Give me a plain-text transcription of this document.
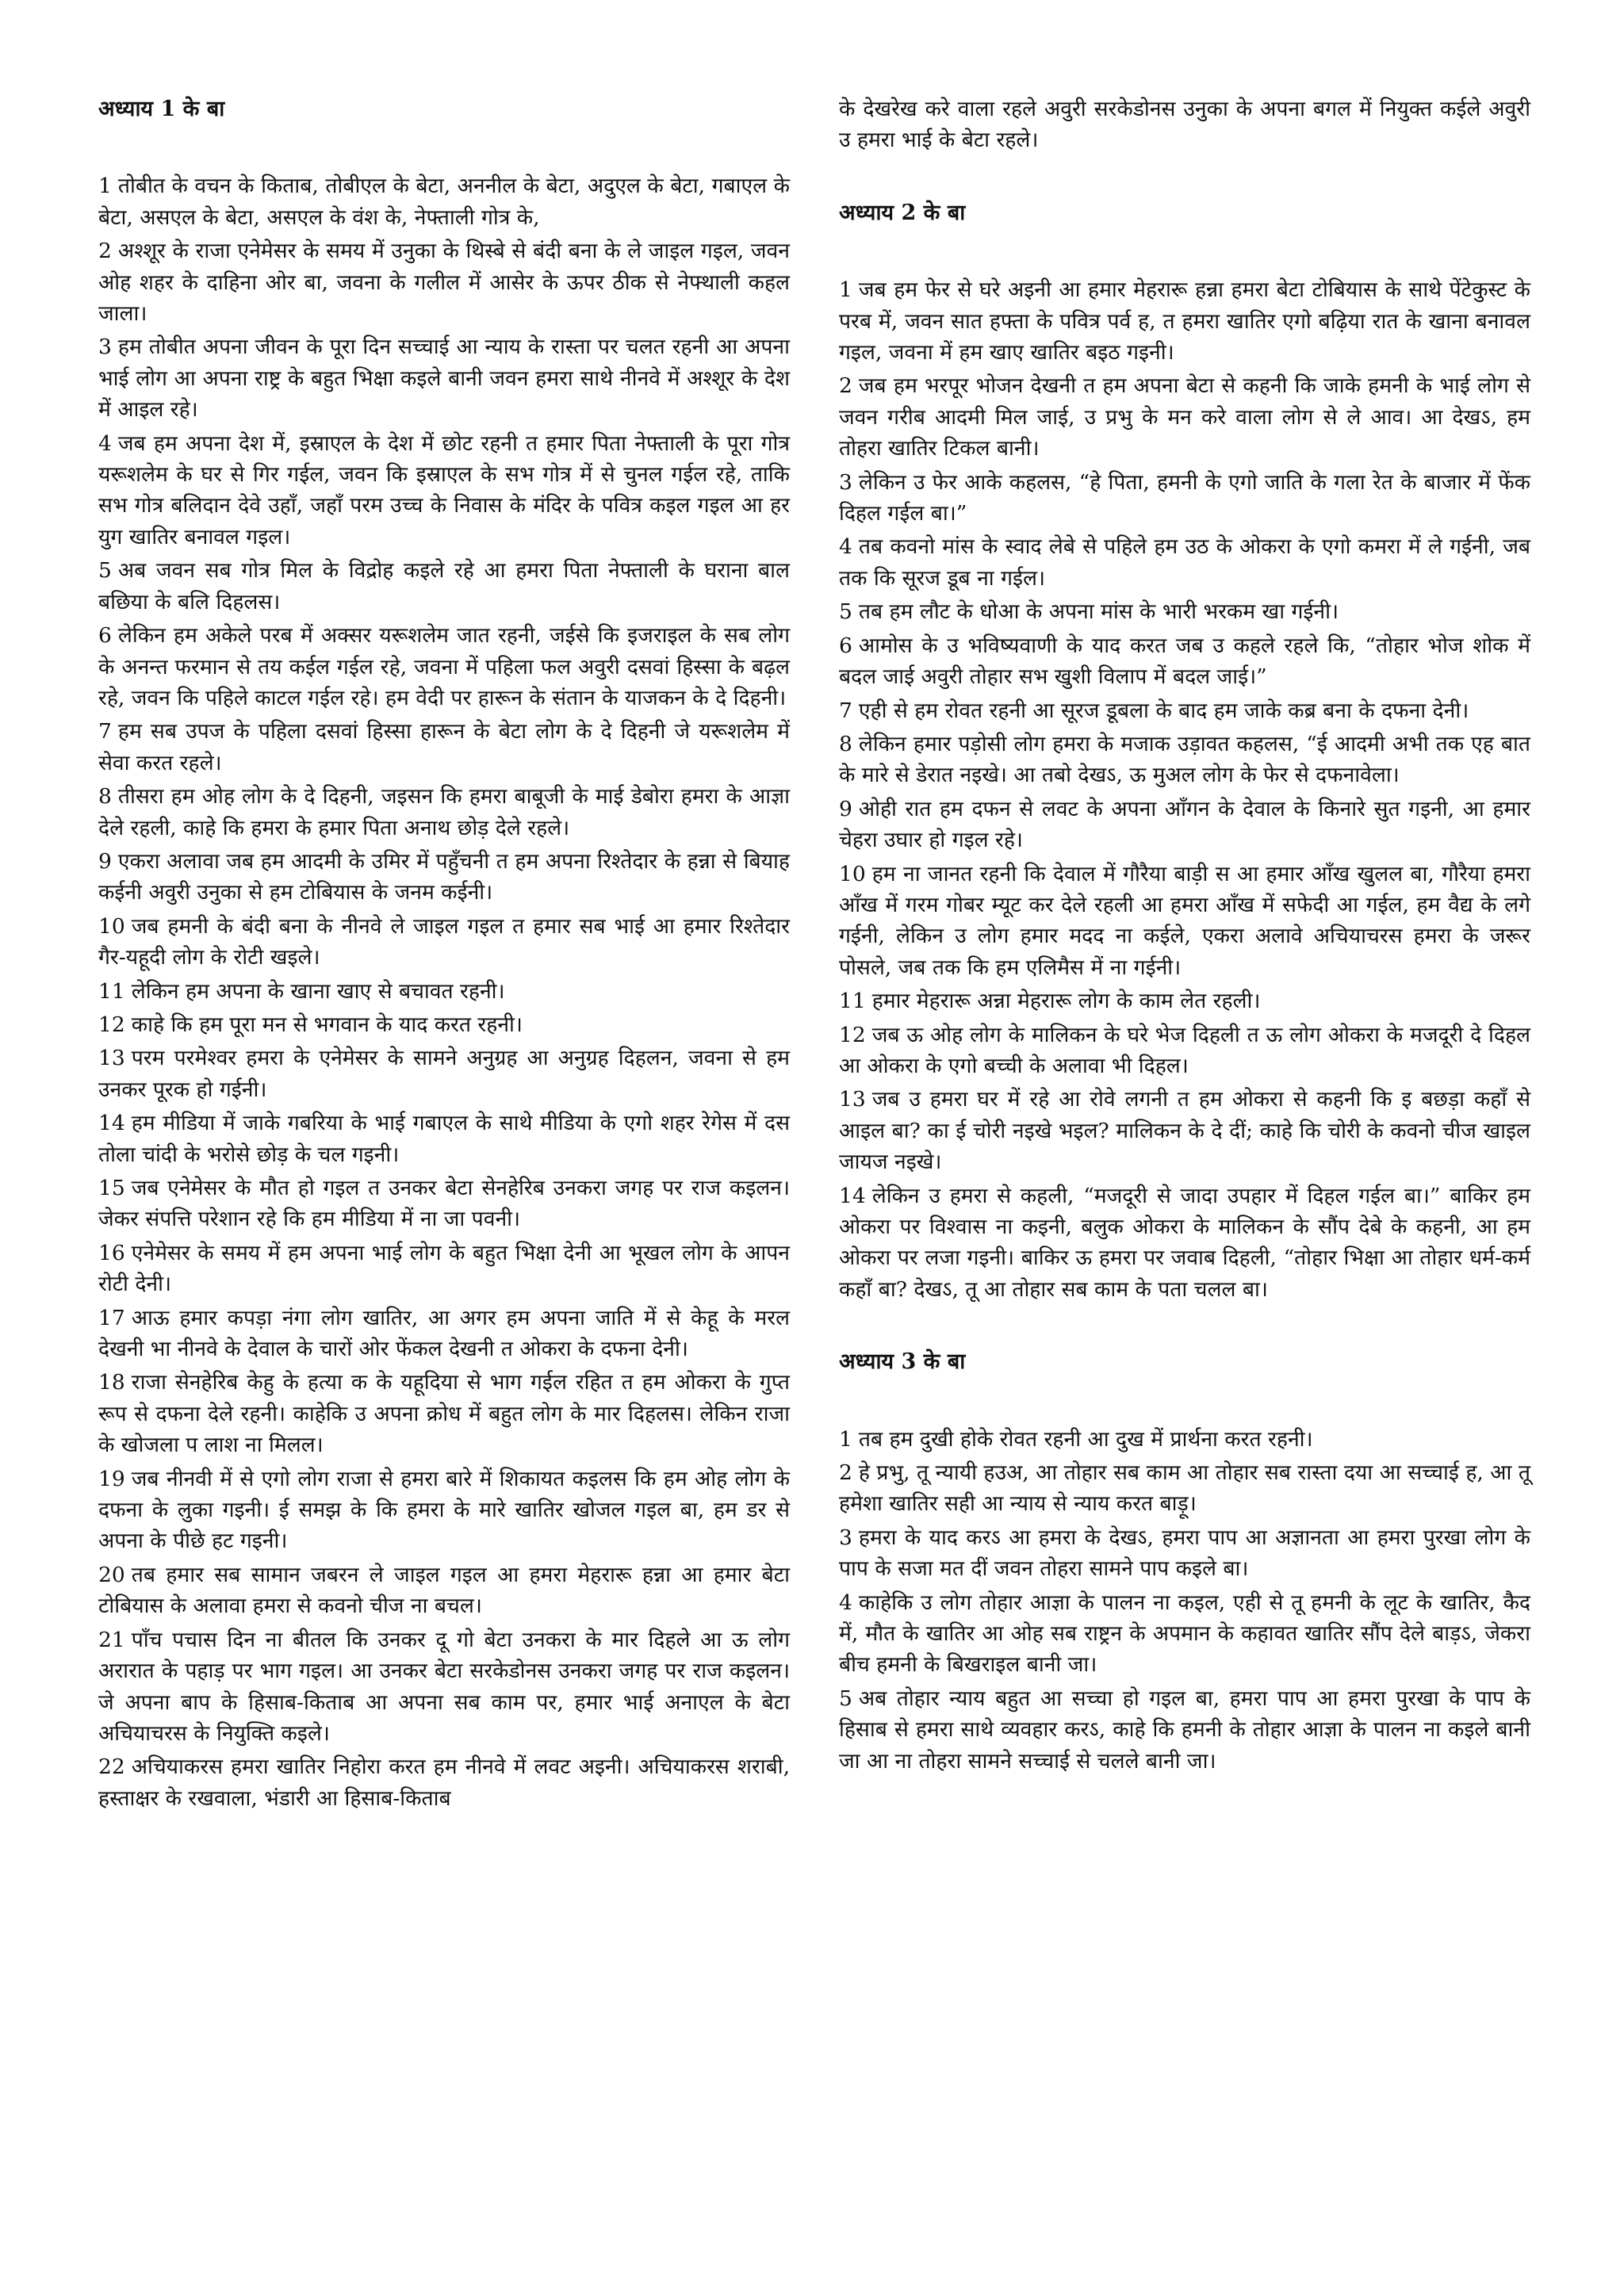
अध्याय 1 के बा
1 तोबीत के वचन के किताब, तोबीएल के बेटा, अननील के बेटा, अदुएल के बेटा, गबाएल के बेटा, असएल के बेटा, असएल के वंश के, नेफ्ताली गोत्र के,
2 अश्शूर के राजा एनेमेसर के समय में उनुका के थिस्बे से बंदी बना के ले जाइल गइल, जवन ओह शहर के दाहिना ओर बा, जवना के गलील में आसेर के ऊपर ठीक से नेफ्थाली कहल जाला।
3 हम तोबीत अपना जीवन के पूरा दिन सच्चाई आ न्याय के रास्ता पर चलत रहनी आ अपना भाई लोग आ अपना राष्ट्र के बहुत भिक्षा कइले बानी जवन हमरा साथे नीनवे में अश्शूर के देश में आइल रहे।
4 जब हम अपना देश में, इस्राएल के देश में छोट रहनी त हमार पिता नेफ्ताली के पूरा गोत्र यरूशलेम के घर से गिर गईल, जवन कि इस्राएल के सभ गोत्र में से चुनल गईल रहे, ताकि सभ गोत्र बलिदान देवे उहाँ, जहाँ परम उच्च के निवास के मंदिर के पवित्र कइल गइल आ हर युग खातिर बनावल गइल।
5 अब जवन सब गोत्र मिल के विद्रोह कइले रहे आ हमरा पिता नेफ्ताली के घराना बाल बछिया के बलि दिहलस।
6 लेकिन हम अकेले परब में अक्सर यरूशलेम जात रहनी, जईसे कि इजराइल के सब लोग के अनन्त फरमान से तय कईल गईल रहे, जवना में पहिला फल अवुरी दसवां हिस्सा के बढ़ल रहे, जवन कि पहिले काटल गईल रहे। हम वेदी पर हारून के संतान के याजकन के दे दिहनी।
7 हम सब उपज के पहिला दसवां हिस्सा हारून के बेटा लोग के दे दिहनी जे यरूशलेम में सेवा करत रहले।
8 तीसरा हम ओह लोग के दे दिहनी, जइसन कि हमरा बाबूजी के माई डेबोरा हमरा के आज्ञा देले रहली, काहे कि हमरा के हमार पिता अनाथ छोड़ देले रहले।
9 एकरा अलावा जब हम आदमी के उमिर में पहुँचनी त हम अपना रिश्तेदार के हन्ना से बियाह कईनी अवुरी उनुका से हम टोबियास के जनम कईनी।
10 जब हमनी के बंदी बना के नीनवे ले जाइल गइल त हमार सब भाई आ हमार रिश्तेदार गैर-यहूदी लोग के रोटी खइले।
11 लेकिन हम अपना के खाना खाए से बचावत रहनी।
12 काहे कि हम पूरा मन से भगवान के याद करत रहनी।
13 परम परमेश्वर हमरा के एनेमेसर के सामने अनुग्रह आ अनुग्रह दिहलन, जवना से हम उनकर पूरक हो गईनी।
14 हम मीडिया में जाके गबरिया के भाई गबाएल के साथे मीडिया के एगो शहर रेगेस में दस तोला चांदी के भरोसे छोड़ के चल गइनी।
15 जब एनेमेसर के मौत हो गइल त उनकर बेटा सेनहेरिब उनकरा जगह पर राज कइलन। जेकर संपत्ति परेशान रहे कि हम मीडिया में ना जा पवनी।
16 एनेमेसर के समय में हम अपना भाई लोग के बहुत भिक्षा देनी आ भूखल लोग के आपन रोटी देनी।
17 आऊ हमार कपड़ा नंगा लोग खातिर, आ अगर हम अपना जाति में से केहू के मरल देखनी भा नीनवे के देवाल के चारों ओर फेंकल देखनी त ओकरा के दफना देनी।
18 राजा सेनहेरिब केहु के हत्या क के यहूदिया से भाग गईल रहित त हम ओकरा के गुप्त रूप से दफना देले रहनी। काहेकि उ अपना क्रोध में बहुत लोग के मार दिहलस। लेकिन राजा के खोजला प लाश ना मिलल।
19 जब नीनवी में से एगो लोग राजा से हमरा बारे में शिकायत कइलस कि हम ओह लोग के दफना के लुका गइनी। ई समझ के कि हमरा के मारे खातिर खोजल गइल बा, हम डर से अपना के पीछे हट गइनी।
20 तब हमार सब सामान जबरन ले जाइल गइल आ हमरा मेहरारू हन्ना आ हमार बेटा टोबियास के अलावा हमरा से कवनो चीज ना बचल।
21 पाँच पचास दिन ना बीतल कि उनकर दू गो बेटा उनकरा के मार दिहले आ ऊ लोग अरारात के पहाड़ पर भाग गइल। आ उनकर बेटा सरकेडोनस उनकरा जगह पर राज कइलन। जे अपना बाप के हिसाब-किताब आ अपना सब काम पर, हमार भाई अनाएल के बेटा अचियाचरस के नियुक्ति कइले।
22 अचियाकरस हमरा खातिर निहोरा करत हम नीनवे में लवट अइनी। अचियाकरस शराबी, हस्ताक्षर के रखवाला, भंडारी आ हिसाब-किताब
के देखरेख करे वाला रहले अवुरी सरकेडोनस उनुका के अपना बगल में नियुक्त कईले अवुरी उ हमरा भाई के बेटा रहले।
अध्याय 2 के बा
1 जब हम फेर से घरे अइनी आ हमार मेहरारू हन्ना हमरा बेटा टोबियास के साथे पेंटेकुस्ट के परब में, जवन सात हफ्ता के पवित्र पर्व ह, त हमरा खातिर एगो बढ़िया रात के खाना बनावल गइल, जवना में हम खाए खातिर बइठ गइनी।
2 जब हम भरपूर भोजन देखनी त हम अपना बेटा से कहनी कि जाके हमनी के भाई लोग से जवन गरीब आदमी मिल जाई, उ प्रभु के मन करे वाला लोग से ले आव। आ देखऽ, हम तोहरा खातिर टिकल बानी।
3 लेकिन उ फेर आके कहलस, “हे पिता, हमनी के एगो जाति के गला रेत के बाजार में फेंक दिहल गईल बा।”
4 तब कवनो मांस के स्वाद लेबे से पहिले हम उठ के ओकरा के एगो कमरा में ले गईनी, जब तक कि सूरज डूब ना गईल।
5 तब हम लौट के धोआ के अपना मांस के भारी भरकम खा गईनी।
6 आमोस के उ भविष्यवाणी के याद करत जब उ कहले रहले कि, “तोहार भोज शोक में बदल जाई अवुरी तोहार सभ खुशी विलाप में बदल जाई।”
7 एही से हम रोवत रहनी आ सूरज डूबला के बाद हम जाके कब्र बना के दफना देनी।
8 लेकिन हमार पड़ोसी लोग हमरा के मजाक उड़ावत कहलस, “ई आदमी अभी तक एह बात के मारे से डेरात नइखे। आ तबो देखऽ, ऊ मुअल लोग के फेर से दफनावेला।
9 ओही रात हम दफन से लवट के अपना आँगन के देवाल के किनारे सुत गइनी, आ हमार चेहरा उघार हो गइल रहे।
10 हम ना जानत रहनी कि देवाल में गौरैया बाड़ी स आ हमार आँख खुलल बा, गौरैया हमरा आँख में गरम गोबर म्यूट कर देले रहली आ हमरा आँख में सफेदी आ गईल, हम वैद्य के लगे गईनी, लेकिन उ लोग हमार मदद ना कईले, एकरा अलावे अचियाचरस हमरा के जरूर पोसले, जब तक कि हम एलिमैस में ना गईनी।
11 हमार मेहरारू अन्ना मेहरारू लोग के काम लेत रहली।
12 जब ऊ ओह लोग के मालिकन के घरे भेज दिहली त ऊ लोग ओकरा के मजदूरी दे दिहल आ ओकरा के एगो बच्ची के अलावा भी दिहल।
13 जब उ हमरा घर में रहे आ रोवे लगनी त हम ओकरा से कहनी कि इ बछड़ा कहाँ से आइल बा? का ई चोरी नइखे भइल? मालिकन के दे दीं; काहे कि चोरी के कवनो चीज खाइल जायज नइखे।
14 लेकिन उ हमरा से कहली, “मजदूरी से जादा उपहार में दिहल गईल बा।” बाकिर हम ओकरा पर विश्वास ना कइनी, बलुक ओकरा के मालिकन के सौंप देबे के कहनी, आ हम ओकरा पर लजा गइनी। बाकिर ऊ हमरा पर जवाब दिहली, “तोहार भिक्षा आ तोहार धर्म-कर्म कहाँ बा? देखऽ, तू आ तोहार सब काम के पता चलल बा।
अध्याय 3 के बा
1 तब हम दुखी होके रोवत रहनी आ दुख में प्रार्थना करत रहनी।
2 हे प्रभु, तू न्यायी हउअ, आ तोहार सब काम आ तोहार सब रास्ता दया आ सच्चाई ह, आ तू हमेशा खातिर सही आ न्याय से न्याय करत बाड़ू।
3 हमरा के याद करऽ आ हमरा के देखऽ, हमरा पाप आ अज्ञानता आ हमरा पुरखा लोग के पाप के सजा मत दीं जवन तोहरा सामने पाप कइले बा।
4 काहेकि उ लोग तोहार आज्ञा के पालन ना कइल, एही से तू हमनी के लूट के खातिर, कैद में, मौत के खातिर आ ओह सब राष्ट्रन के अपमान के कहावत खातिर सौंप देले बाड़ऽ, जेकरा बीच हमनी के बिखराइल बानी जा।
5 अब तोहार न्याय बहुत आ सच्चा हो गइल बा, हमरा पाप आ हमरा पुरखा के पाप के हिसाब से हमरा साथे व्यवहार करऽ, काहे कि हमनी के तोहार आज्ञा के पालन ना कइले बानी जा आ ना तोहरा सामने सच्चाई से चलले बानी जा।
